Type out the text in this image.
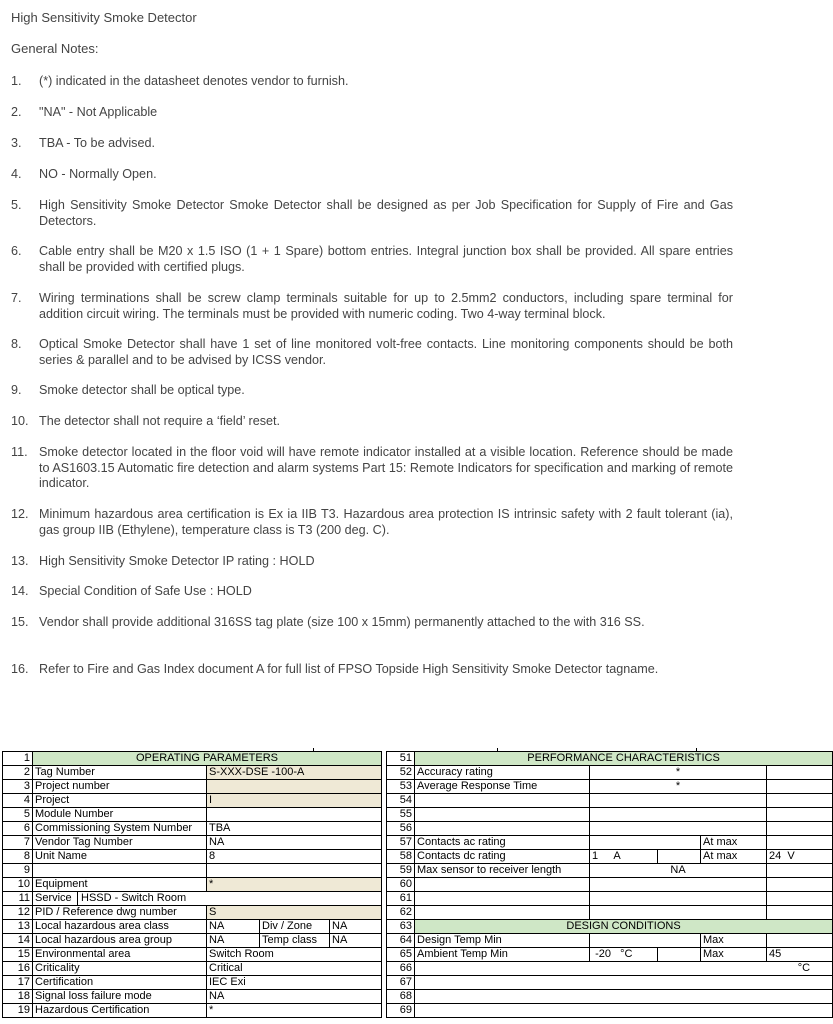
High Sensitivity Smoke Detector
General Notes:
1.	(*) indicated in the datasheet denotes vendor to furnish.
2.	"NA" - Not Applicable
3.	TBA - To be advised.
4.	NO - Normally Open.
5.	High Sensitivity Smoke Detector Smoke Detector shall be designed as per Job Specification for Supply of Fire and Gas Detectors.
6.	Cable entry shall be M20 x 1.5 ISO (1 + 1 Spare) bottom entries. Integral junction box shall be provided. All spare entries shall be provided with certified plugs.
7.	Wiring terminations shall be screw clamp terminals suitable for up to 2.5mm2 conductors, including spare terminal for addition circuit wiring. The terminals must be provided with numeric coding. Two 4-way terminal block.
8.	Optical Smoke Detector shall have 1 set of line monitored volt-free contacts. Line monitoring components should be both series & parallel and to be advised by ICSS vendor.
9.	Smoke detector shall be optical type.
10. The detector shall not require a ‘field’ reset.
11. Smoke detector located in the floor void will have remote indicator installed at a visible location. Reference should be made to AS1603.15 Automatic fire detection and alarm systems Part 15: Remote Indicators for specification and marking of remote indicator.
12. Minimum hazardous area certification is Ex ia IIB T3. Hazardous area protection IS intrinsic safety with 2 fault tolerant (ia), gas group IIB (Ethylene), temperature class is T3 (200 deg. C).
13. High Sensitivity Smoke Detector IP rating : HOLD
14. Special Condition of Safe Use : HOLD
15. Vendor shall provide additional 316SS tag plate (size 100 x 15mm) permanently attached to the with 316 SS.
16. Refer to Fire and Gas Index document A for full list of FPSO Topside High Sensitivity Smoke Detector tagname.
1	OPERATING PARAMETERS					51	PERFORMANCE CHARACTERISTICS				
2	Tag Number	S-XXX-DSE -100-A				52	Accuracy rating	*			
3	Project number					53	Average Response Time	*			
4	Project	I				54					
5	Module Number					55					
6	Commissioning System Number	TBA				56					
7	Vendor Tag Number	NA				57	Contacts ac rating			At max	
8	Unit Name	8				58	Contacts dc rating	1 A		At max	24 V
9						59	Max sensor to receiver length	NA			
10	Equipment	*				60					
11	Service HSSD - Switch Room					61					
12	PID / Reference dwg number	S				62					
13	Local hazardous area class	NA	Div / Zone	NA		63	DESIGN CONDITIONS				
14	Local hazardous area group	NA	Temp class	NA		64	Design Temp Min			Max	
15	Environmental area	Switch Room				65	Ambient Temp Min	-20 °C		Max	45
16	Criticality	Critical				66	°C				
17	Certification	IEC Exi				67					
18	Signal loss failure mode	NA				68					
19	Hazardous Certification	*				69					
